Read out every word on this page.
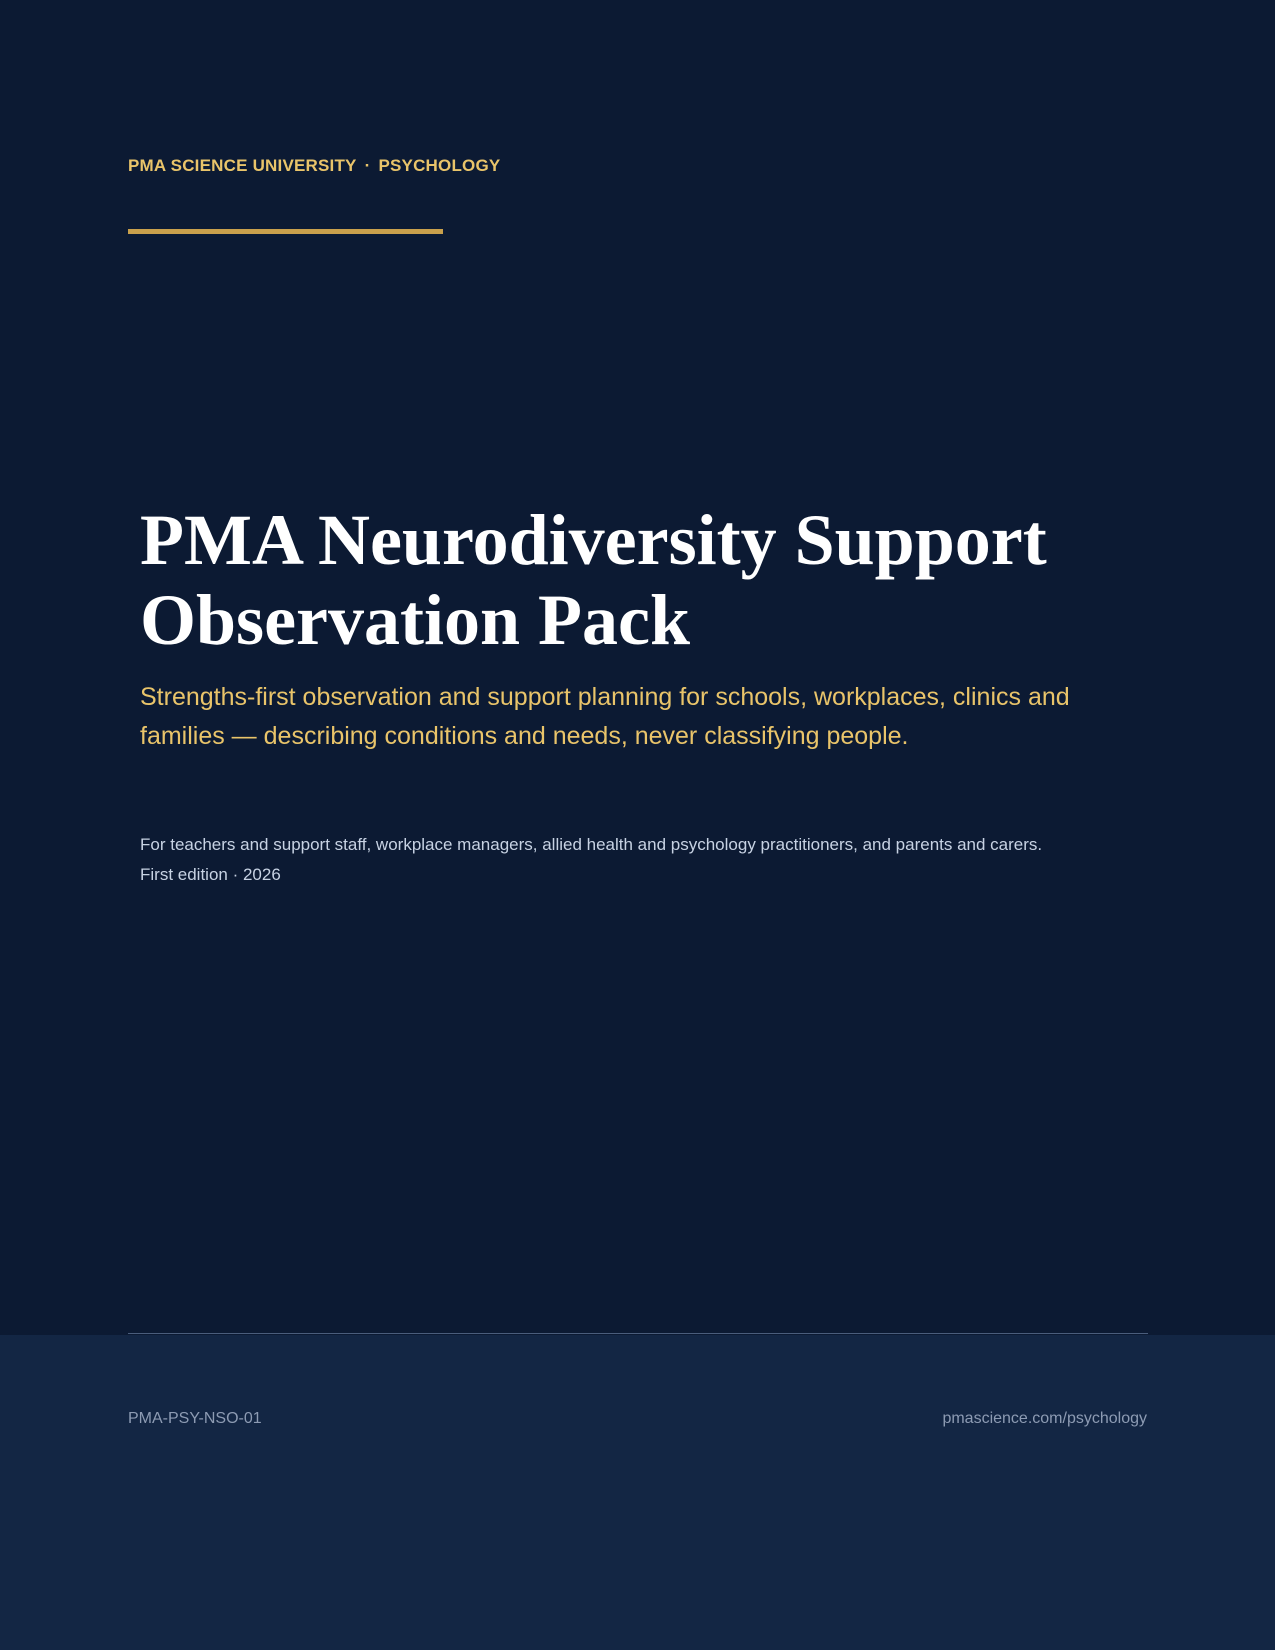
PMA SCIENCE UNIVERSITY · PSYCHOLOGY
PMA Neurodiversity Support
Observation Pack

Strengths-first observation and support planning for schools, workplaces, clinics and families — describing conditions and needs, never classifying people.

For teachers and support staff, workplace managers, allied health and psychology practitioners, and parents and carers.
First edition · 2026
PMA-PSY-NSO-01	pmascience.com/psychology
